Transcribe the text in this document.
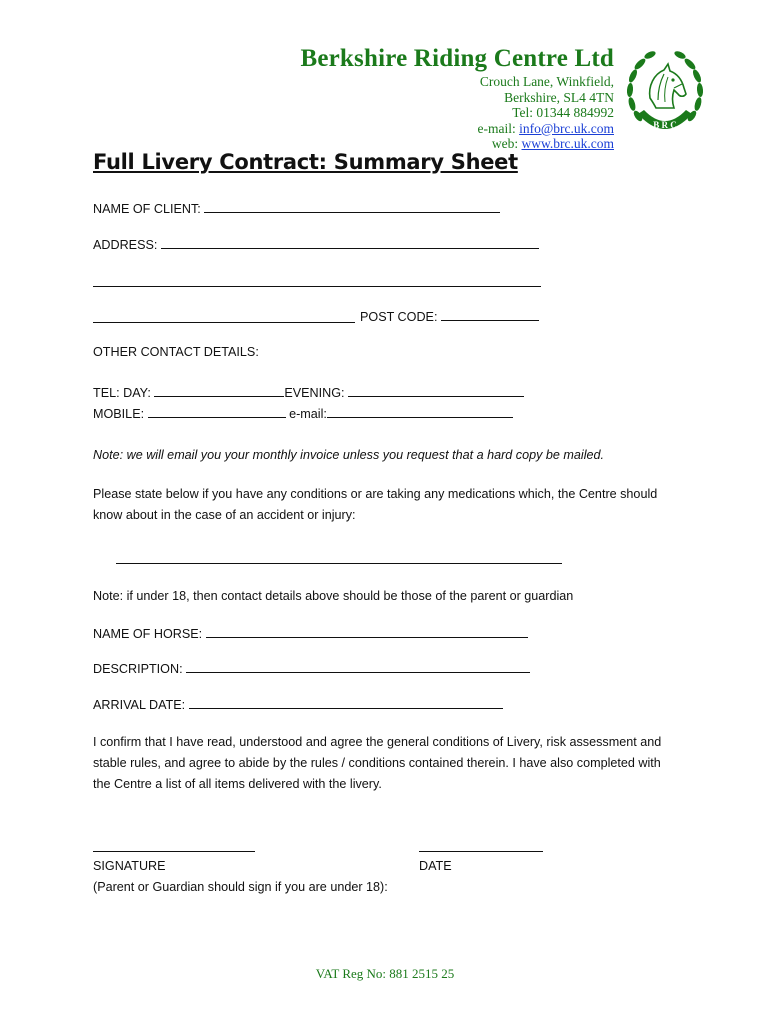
Berkshire Riding Centre Ltd
Crouch Lane, Winkfield,
Berkshire, SL4 4TN
Tel: 01344 884992
e-mail: info@brc.uk.com
web: www.brc.uk.com
B R C
Full Livery Contract: Summary Sheet
NAME OF CLIENT:
ADDRESS:
POST CODE:
OTHER CONTACT DETAILS:
TEL: DAY:	EVENING:
MOBILE:	e-mail:
Note: we will email you your monthly invoice unless you request that a hard copy be mailed.
Please state below if you have any conditions or are taking any medications which, the Centre should know about in the case of an accident or injury:
Note: if under 18, then contact details above should be those of the parent or guardian
NAME OF HORSE:
DESCRIPTION:
ARRIVAL DATE:
I confirm that I have read, understood and agree the general conditions of Livery, risk assessment and stable rules, and agree to abide by the rules / conditions contained therein. I have also completed with the Centre a list of all items delivered with the livery.
SIGNATURE	DATE
(Parent or Guardian should sign if you are under 18):
VAT Reg No: 881 2515 25
